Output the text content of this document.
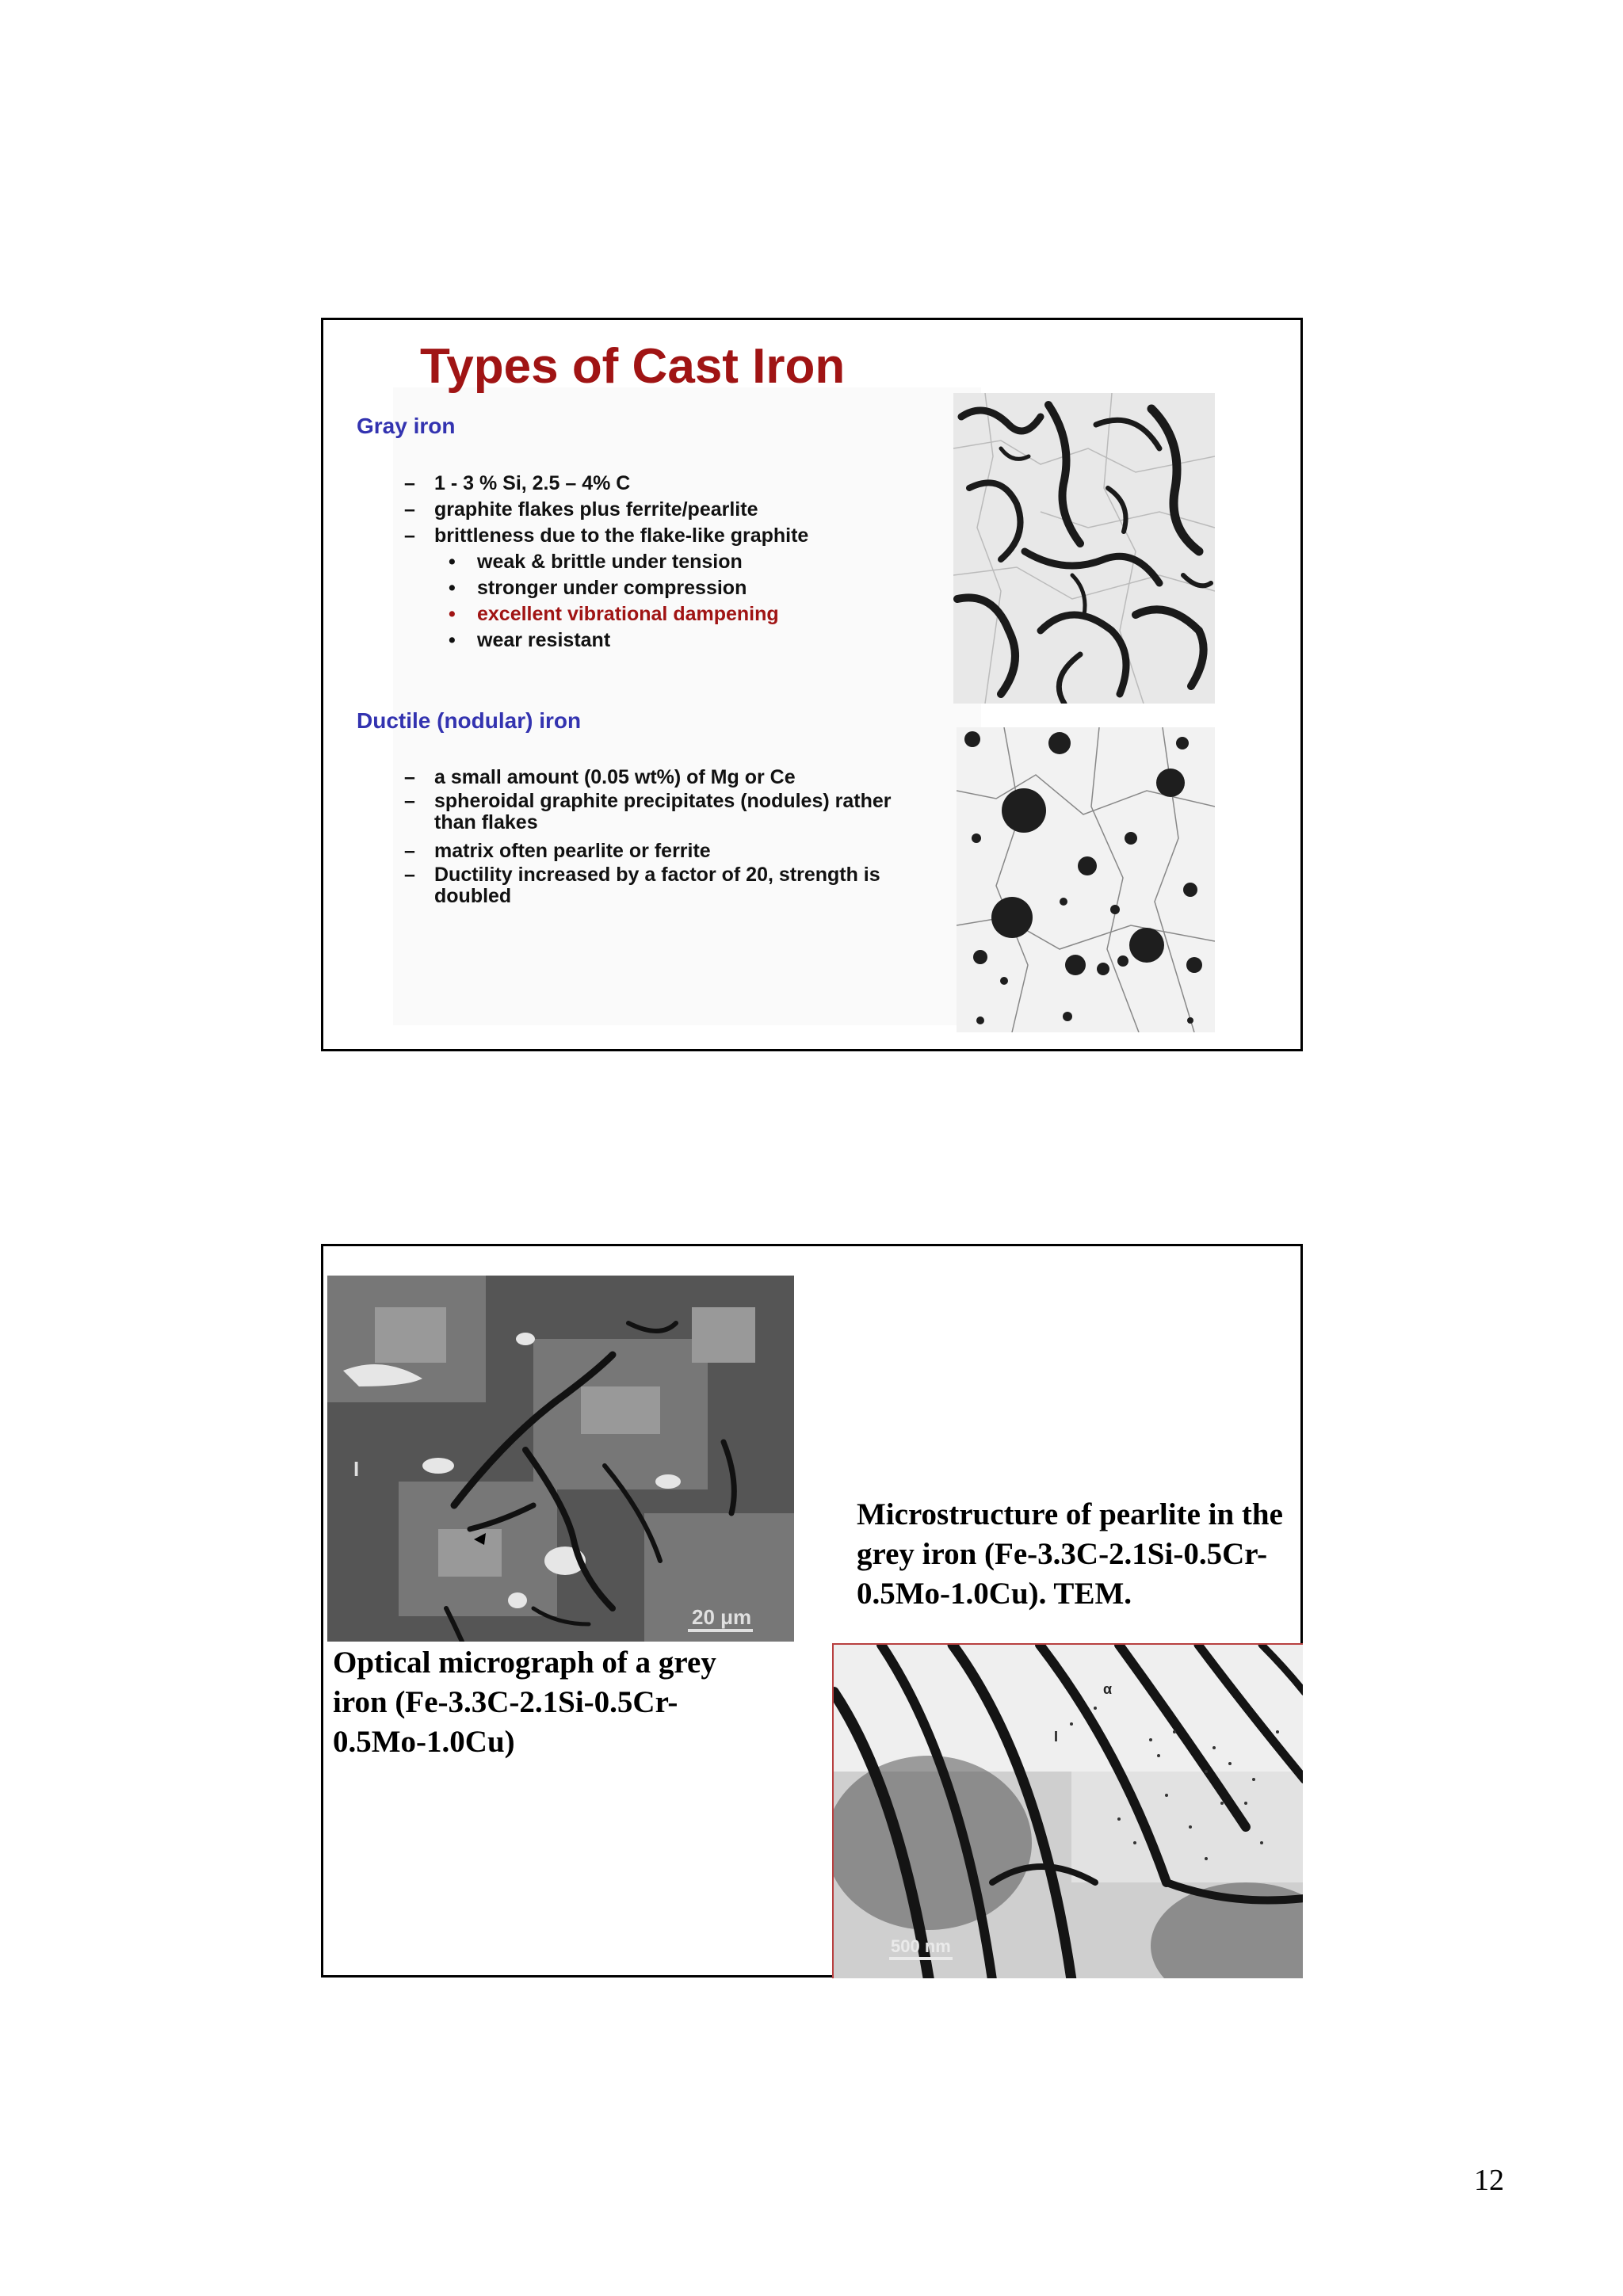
Types of Cast Iron
Gray iron
– 1 - 3 % Si, 2.5 – 4% C
– graphite flakes plus ferrite/pearlite
– brittleness due to the flake-like graphite
• weak & brittle under tension
• stronger under compression
• excellent vibrational dampening
• wear resistant
Ductile (nodular) iron
– a small amount (0.05 wt%) of Mg or Ce
– spheroidal graphite precipitates (nodules) rather than flakes
– matrix often pearlite or ferrite
– Ductility increased by a factor of 20, strength is doubled
I
20 μm

Optical micrograph of a grey iron (Fe-3.3C-2.1Si-0.5Cr-0.5Mo-1.0Cu)

Microstructure of pearlite in the grey iron (Fe-3.3C-2.1Si-0.5Cr-0.5Mo-1.0Cu). TEM.

α
I
500 nm
12
